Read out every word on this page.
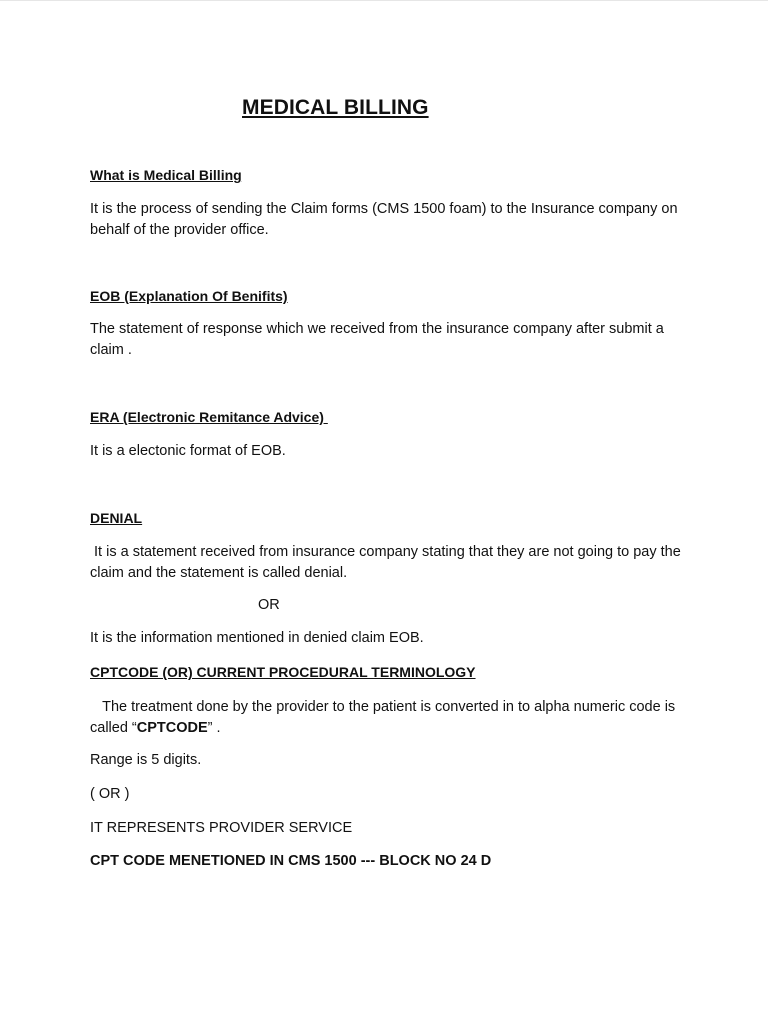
MEDICAL BILLING
What is Medical Billing

It is the process of sending the Claim forms (CMS 1500 foam) to the Insurance company on behalf of the provider office.

EOB (Explanation Of Benifits)

The statement of response which we received from the insurance company after submit a claim .

ERA (Electronic Remitance Advice)

It is a electonic format of EOB.

DENIAL

It is a statement received from insurance company stating that they are not going to pay the claim and the statement is called denial.

OR

It is the information mentioned in denied claim EOB.

CPTCODE (OR) CURRENT PROCEDURAL TERMINOLOGY

The treatment done by the provider to the patient is converted in to alpha numeric code is called “CPTCODE” .

Range is 5 digits.

( OR )

IT REPRESENTS PROVIDER SERVICE

CPT CODE MENETIONED IN CMS 1500 --- BLOCK NO 24 D
